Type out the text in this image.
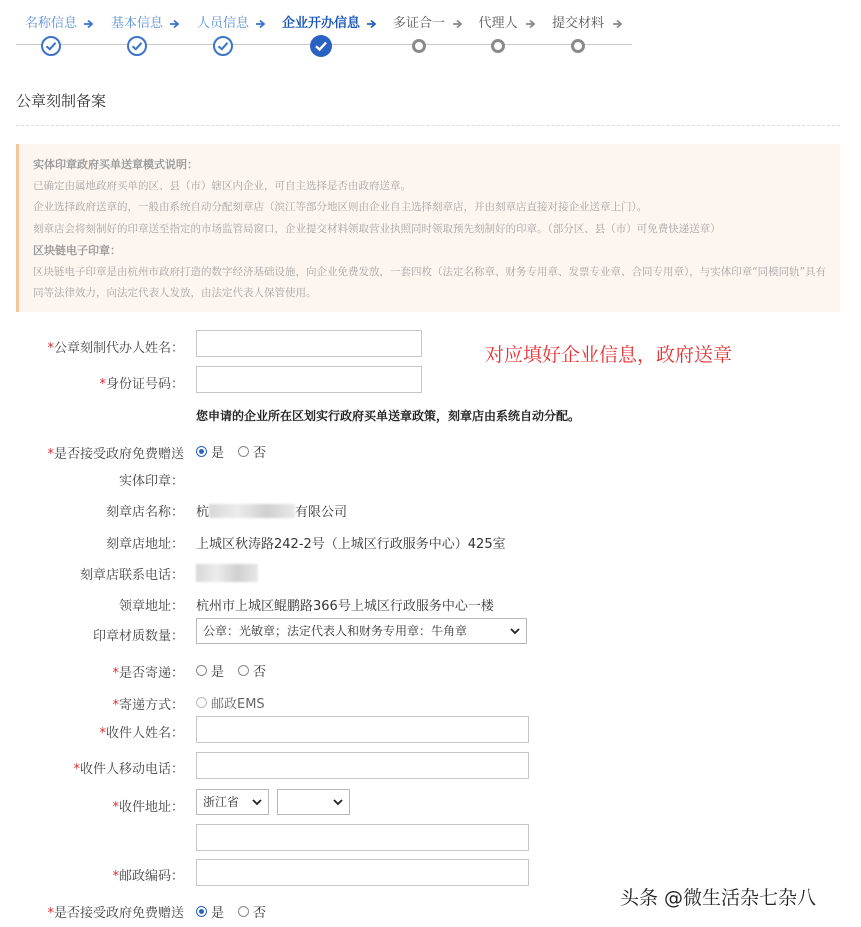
名称信息	基本信息	人员信息	企业开办信息	多证合一	代理人	提交材料
公章刻制备案
实体印章政府买单送章模式说明：
已确定由属地政府买单的区、县（市）辖区内企业，可自主选择是否由政府送章。
企业选择政府送章的，一般由系统自动分配刻章店（滨江等部分地区则由企业自主选择刻章店，并由刻章店直接对接企业送章上门）。
刻章店会将刻制好的印章送至指定的市场监管局窗口，企业提交材料领取营业执照同时领取预先刻制好的印章。（部分区、县（市）可免费快递送章）
区块链电子印章：
区块链电子印章是由杭州市政府打造的数字经济基础设施，向企业免费发放，一套四枚（法定名称章、财务专用章、发票专业章、合同专用章），与实体印章“同模同轨”具有同等法律效力，向法定代表人发放，由法定代表人保管使用。
*公章刻制代办人姓名：
*身份证号码：
对应填好企业信息，政府送章
您申请的企业所在区划实行政府买单送章政策，刻章店由系统自动分配。
*是否接受政府免费赠送 是 否
实体印章：
刻章店名称： 杭	有限公司
刻章店地址： 上城区秋涛路242-2号（上城区行政服务中心）425室
刻章店联系电话：
领章地址： 杭州市上城区鲲鹏路366号上城区行政服务中心一楼
印章材质数量：	公章：光敏章；法定代表人和财务专用章：牛角章
*是否寄递： 是 否
*寄递方式： 邮政EMS
*收件人姓名：
*收件人移动电话：
*收件地址：	浙江省
*邮政编码：
*是否接受政府免费赠送 是 否
头条 @微生活杂七杂八
